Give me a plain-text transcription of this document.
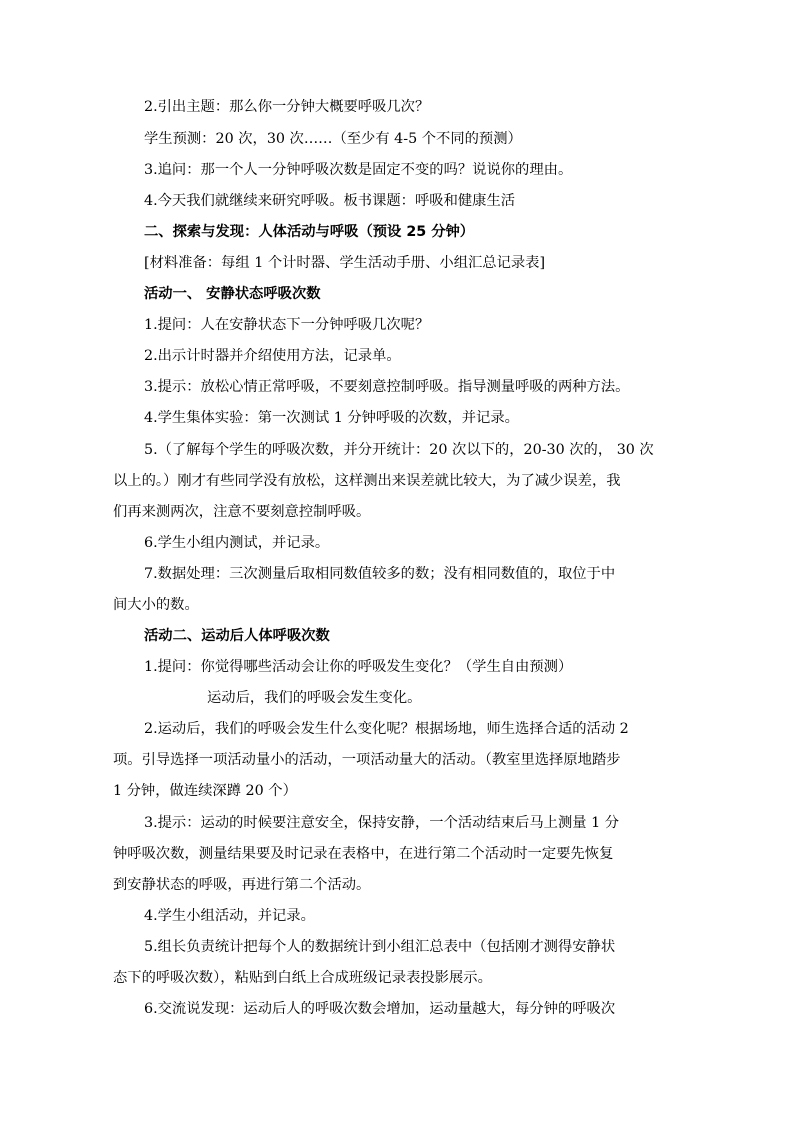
2.引出主题：那么你一分钟大概要呼吸几次？
学生预测：20 次，30 次……（至少有 4-5 个不同的预测）
3.追问：那一个人一分钟呼吸次数是固定不变的吗？说说你的理由。
4.今天我们就继续来研究呼吸。板书课题：呼吸和健康生活
二、探索与发现：人体活动与呼吸（预设 25 分钟）
[材料准备：每组 1 个计时器、学生活动手册、小组汇总记录表]
活动一、 安静状态呼吸次数
1.提问：人在安静状态下一分钟呼吸几次呢？
2.出示计时器并介绍使用方法，记录单。
3.提示：放松心情正常呼吸，不要刻意控制呼吸。指导测量呼吸的两种方法。
4.学生集体实验：第一次测试 1 分钟呼吸的次数，并记录。
5.（了解每个学生的呼吸次数，并分开统计：20 次以下的，20-30 次的， 30 次
以上的。）刚才有些同学没有放松，这样测出来误差就比较大，为了减少误差，我
们再来测两次，注意不要刻意控制呼吸。
6.学生小组内测试，并记录。
7.数据处理：三次测量后取相同数值较多的数；没有相同数值的，取位于中
间大小的数。
活动二、运动后人体呼吸次数
1.提问：你觉得哪些活动会让你的呼吸发生变化？（学生自由预测）
运动后，我们的呼吸会发生变化。
2.运动后，我们的呼吸会发生什么变化呢？根据场地，师生选择合适的活动 2
项。引导选择一项活动量小的活动，一项活动量大的活动。（教室里选择原地踏步
1 分钟，做连续深蹲 20 个）
3.提示：运动的时候要注意安全，保持安静，一个活动结束后马上测量 1 分
钟呼吸次数，测量结果要及时记录在表格中，在进行第二个活动时一定要先恢复
到安静状态的呼吸，再进行第二个活动。
4.学生小组活动，并记录。
5.组长负责统计把每个人的数据统计到小组汇总表中（包括刚才测得安静状
态下的呼吸次数），粘贴到白纸上合成班级记录表投影展示。
6.交流说发现：运动后人的呼吸次数会增加，运动量越大，每分钟的呼吸次
